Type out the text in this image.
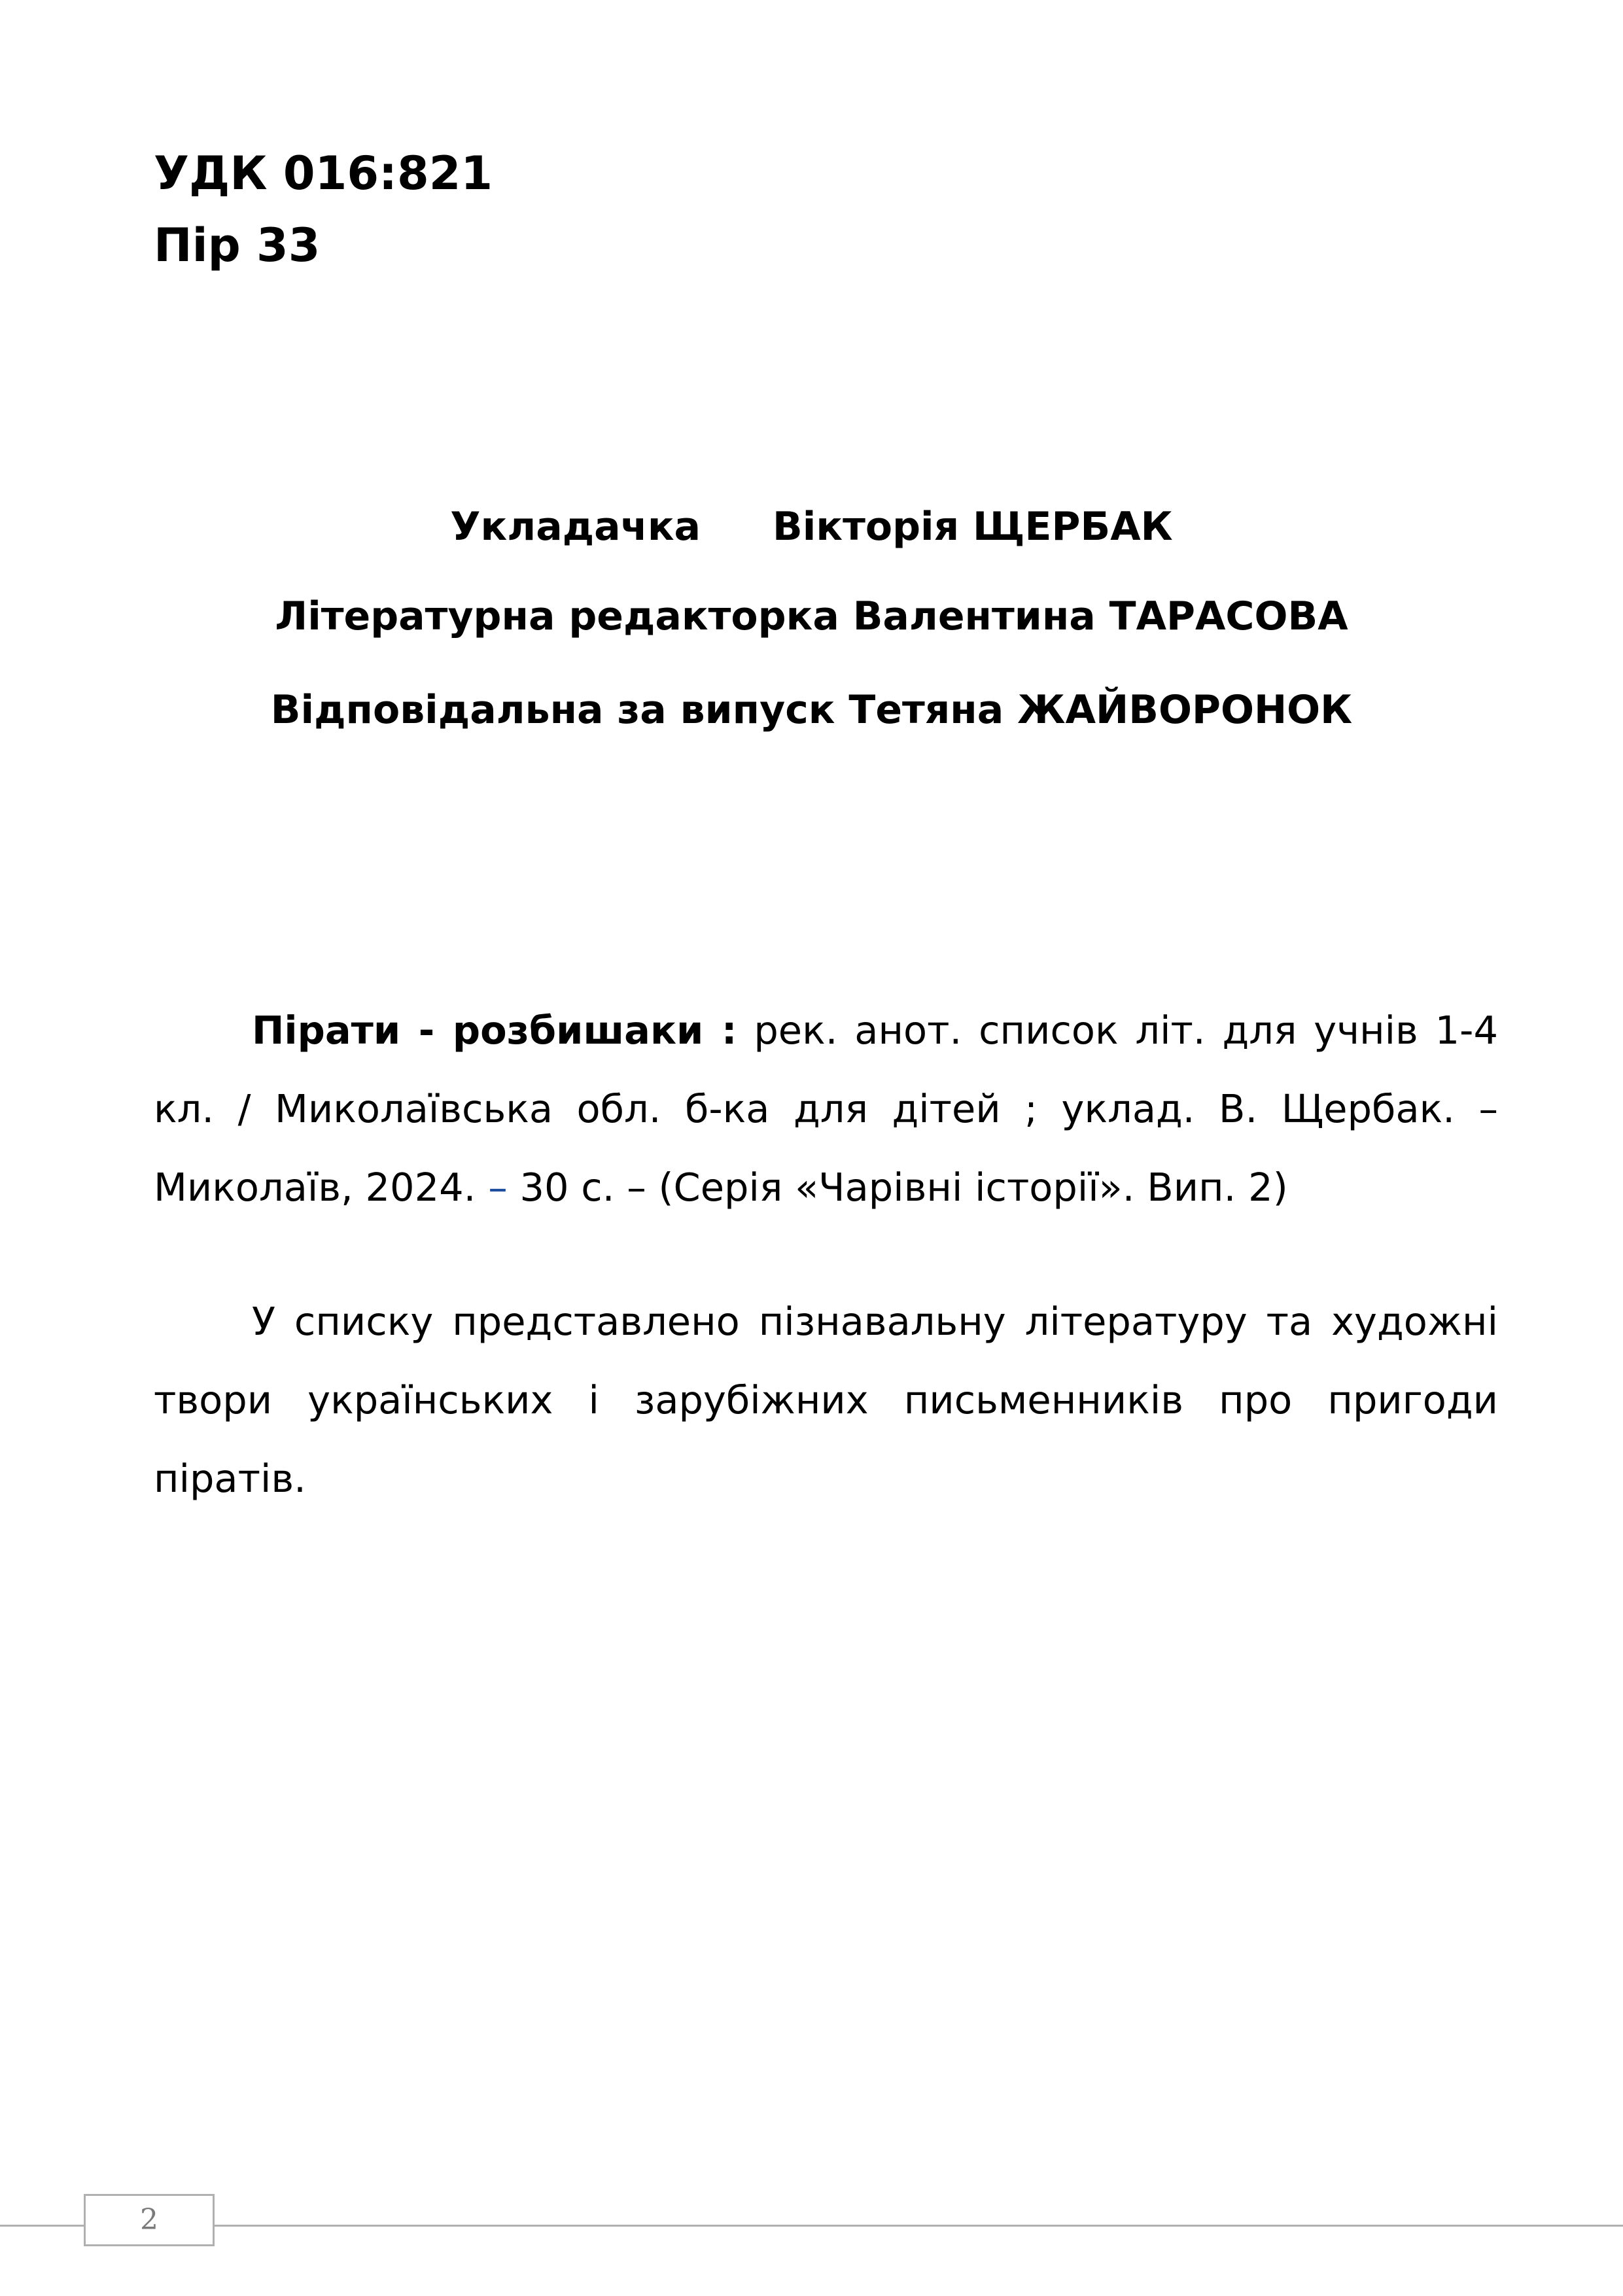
УДК 016:821
Пір 33
Укладачка Вікторія ЩЕРБАК
Літературна редакторка Валентина ТАРАСОВА
Відповідальна за випуск Тетяна ЖАЙВОРОНОК
Пірати - розбишаки : рек. анот. список літ. для учнів 1-4 кл. / Миколаївська обл. б-ка для дітей ; уклад. В. Щербак. – Миколаїв, 2024. – 30 с. – (Серія «Чарівні історії». Вип. 2)
У списку представлено пізнавальну літературу та художні твори українських і зарубіжних письменників про пригоди піратів.
2
